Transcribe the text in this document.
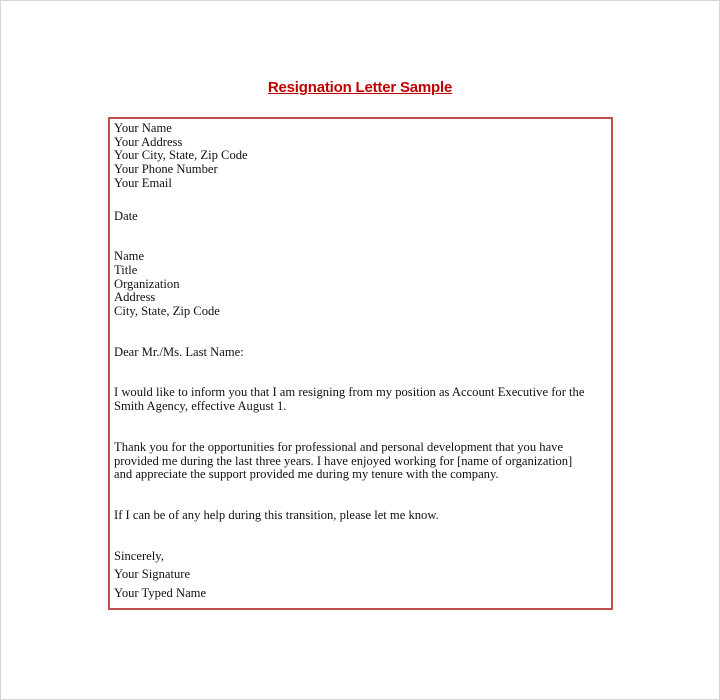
Resignation Letter Sample
Your Name
Your Address
Your City, State, Zip Code
Your Phone Number
Your Email
Date
Name
Title
Organization
Address
City, State, Zip Code
Dear Mr./Ms. Last Name:
I would like to inform you that I am resigning from my position as Account Executive for the
Smith Agency, effective August 1.
Thank you for the opportunities for professional and personal development that you have
provided me during the last three years. I have enjoyed working for [name of organization]
and appreciate the support provided me during my tenure with the company.
If I can be of any help during this transition, please let me know.
Sincerely,
Your Signature
Your Typed Name
